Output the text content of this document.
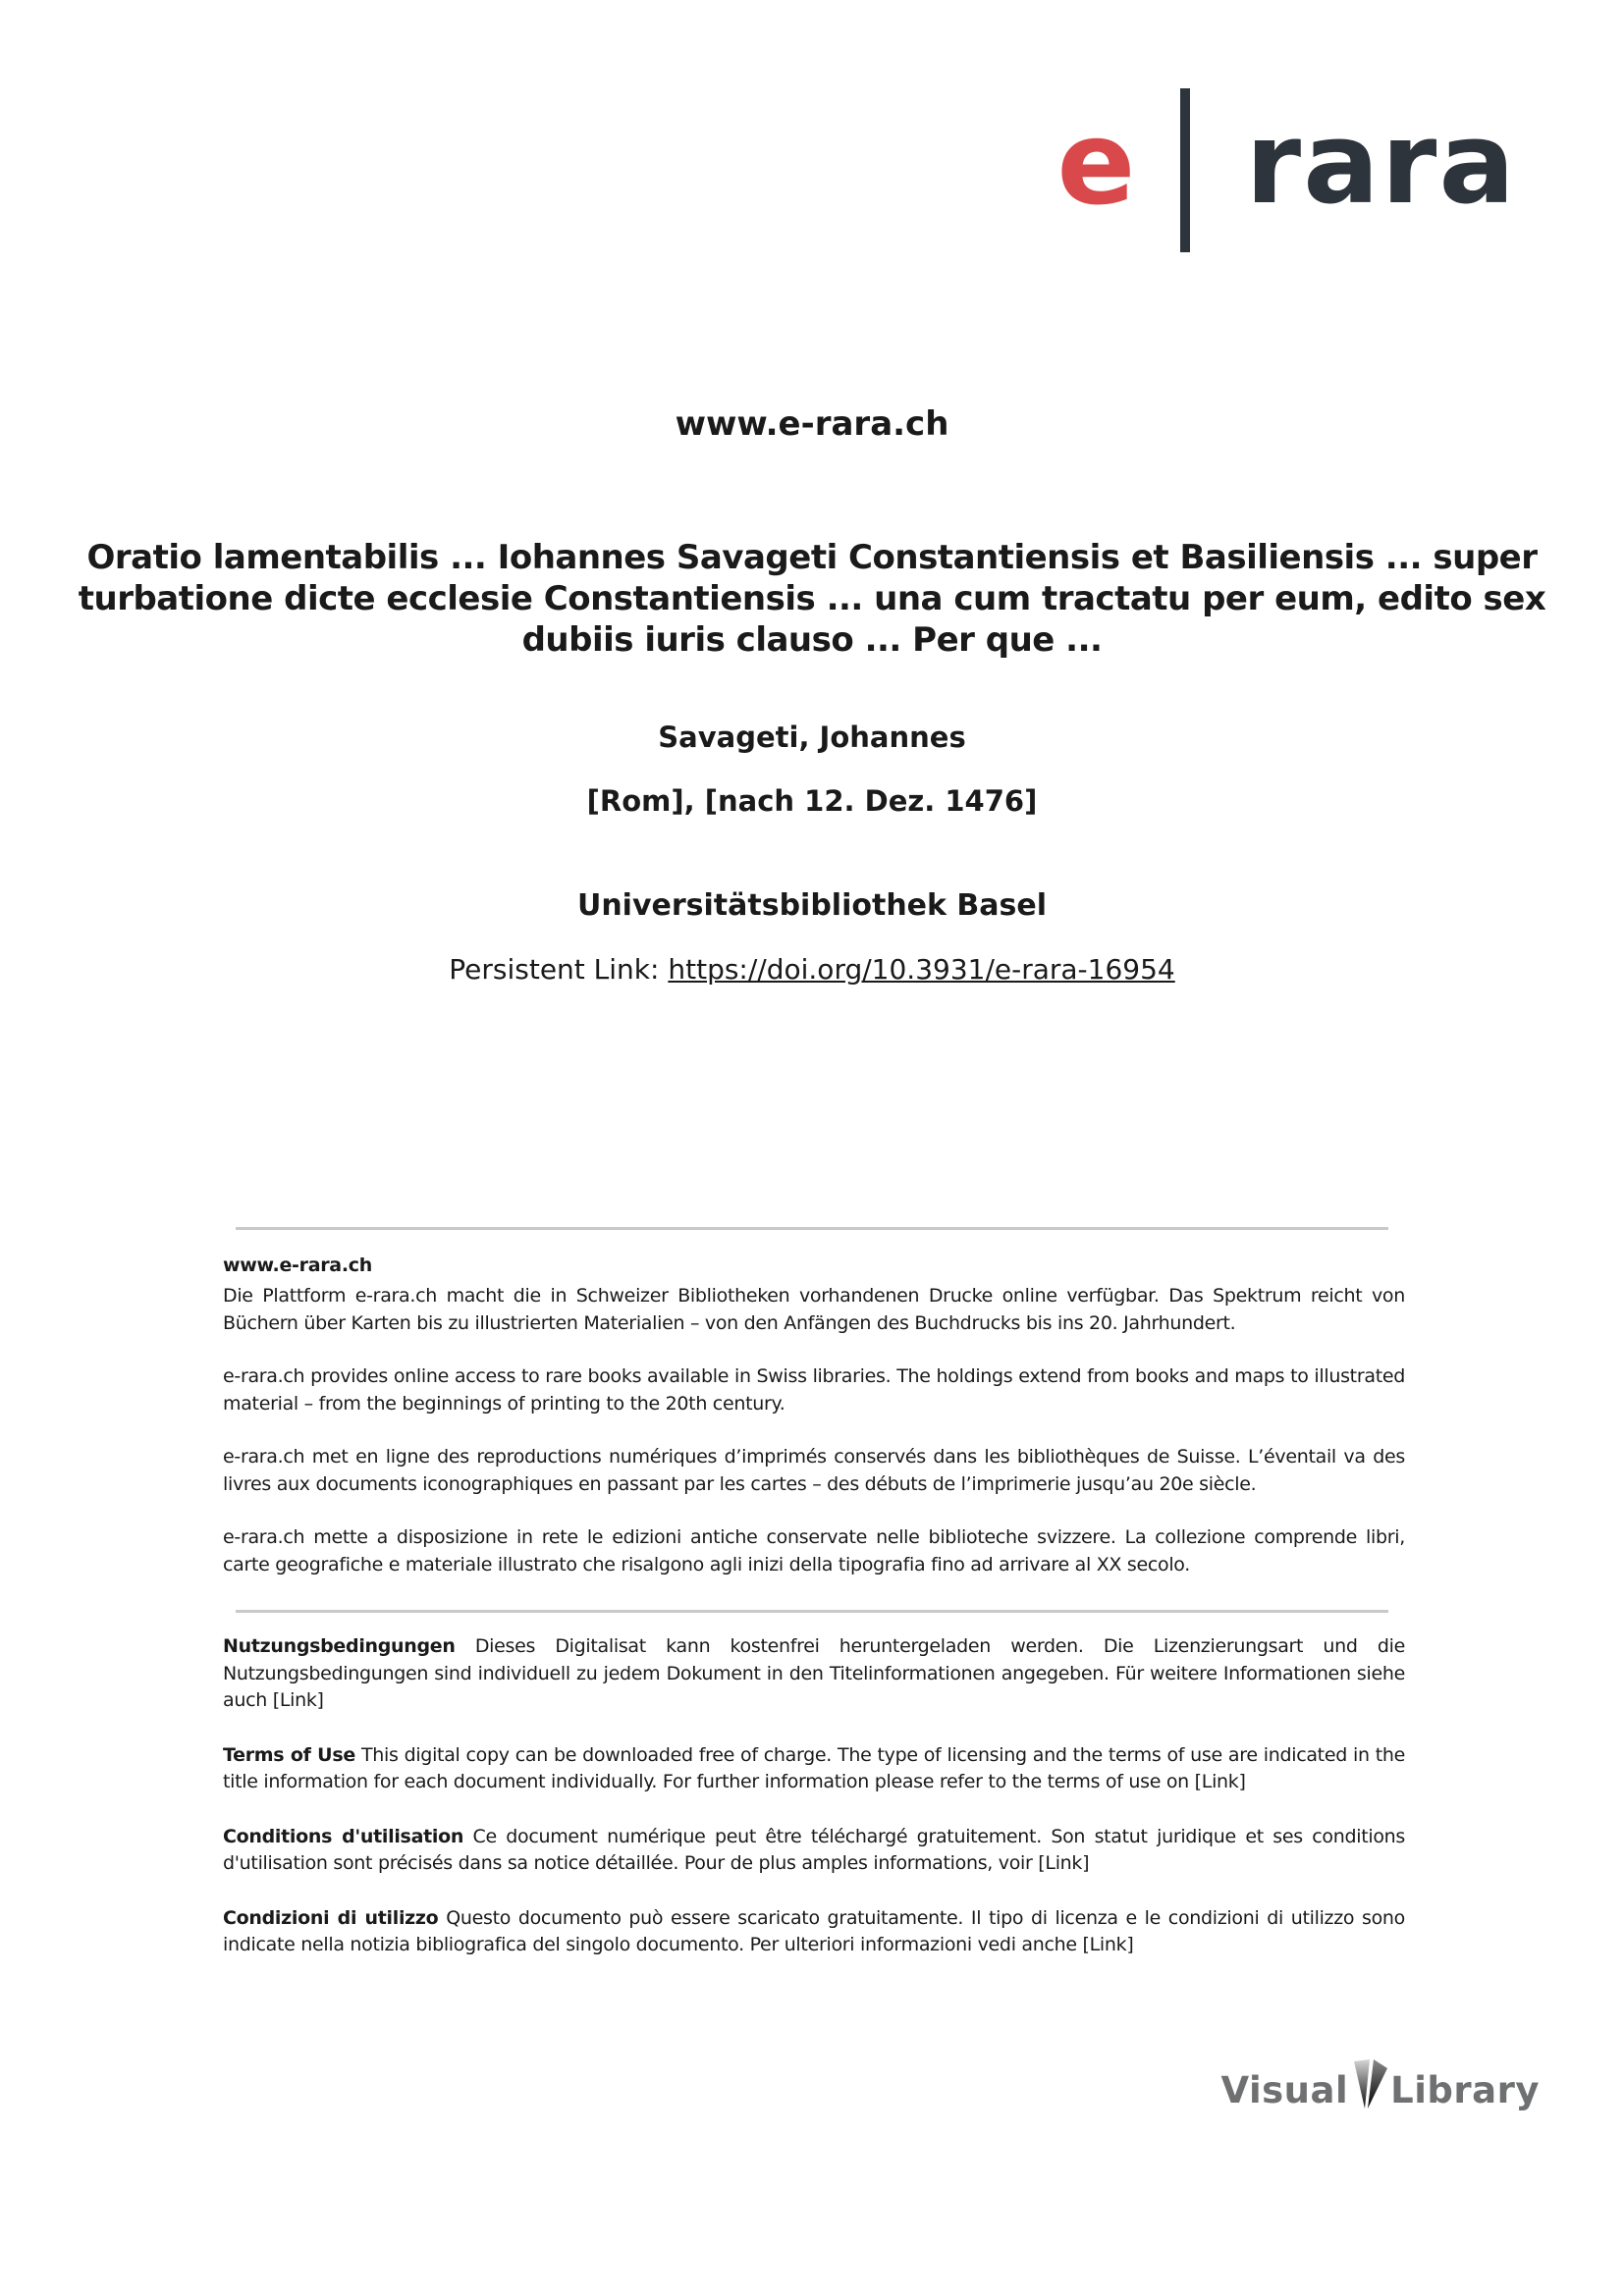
e rara
www.e-rara.ch
Oratio lamentabilis ... Iohannes Savageti Constantiensis et Basiliensis ... super turbatione dicte ecclesie Constantiensis ... una cum tractatu per eum, edito sex dubiis iuris clauso ... Per que ...
Savageti, Johannes
[Rom], [nach 12. Dez. 1476]
Universitätsbibliothek Basel
Persistent Link: https://doi.org/10.3931/e-rara-16954
www.e-rara.ch

Die Plattform e-rara.ch macht die in Schweizer Bibliotheken vorhandenen Drucke online verfügbar. Das Spektrum reicht von Büchern über Karten bis zu illustrierten Materialien – von den Anfängen des Buchdrucks bis ins 20. Jahrhundert.

e-rara.ch provides online access to rare books available in Swiss libraries. The holdings extend from books and maps to illustrated material – from the beginnings of printing to the 20th century.

e-rara.ch met en ligne des reproductions numériques d’imprimés conservés dans les bibliothèques de Suisse. L’éventail va des livres aux documents iconographiques en passant par les cartes – des débuts de l’imprimerie jusqu’au 20e siècle.

e-rara.ch mette a disposizione in rete le edizioni antiche conservate nelle biblioteche svizzere. La collezione comprende libri, carte geografiche e materiale illustrato che risalgono agli inizi della tipografia fino ad arrivare al XX secolo.

Nutzungsbedingungen Dieses Digitalisat kann kostenfrei heruntergeladen werden. Die Lizenzierungsart und die Nutzungsbedingungen sind individuell zu jedem Dokument in den Titelinformationen angegeben. Für weitere Informationen siehe auch [Link]

Terms of Use This digital copy can be downloaded free of charge. The type of licensing and the terms of use are indicated in the title information for each document individually. For further information please refer to the terms of use on [Link]

Conditions d'utilisation Ce document numérique peut être téléchargé gratuitement. Son statut juridique et ses conditions d'utilisation sont précisés dans sa notice détaillée. Pour de plus amples informations, voir [Link]

Condizioni di utilizzo Questo documento può essere scaricato gratuitamente. Il tipo di licenza e le condizioni di utilizzo sono indicate nella notizia bibliografica del singolo documento. Per ulteriori informazioni vedi anche [Link]

Visual Library
